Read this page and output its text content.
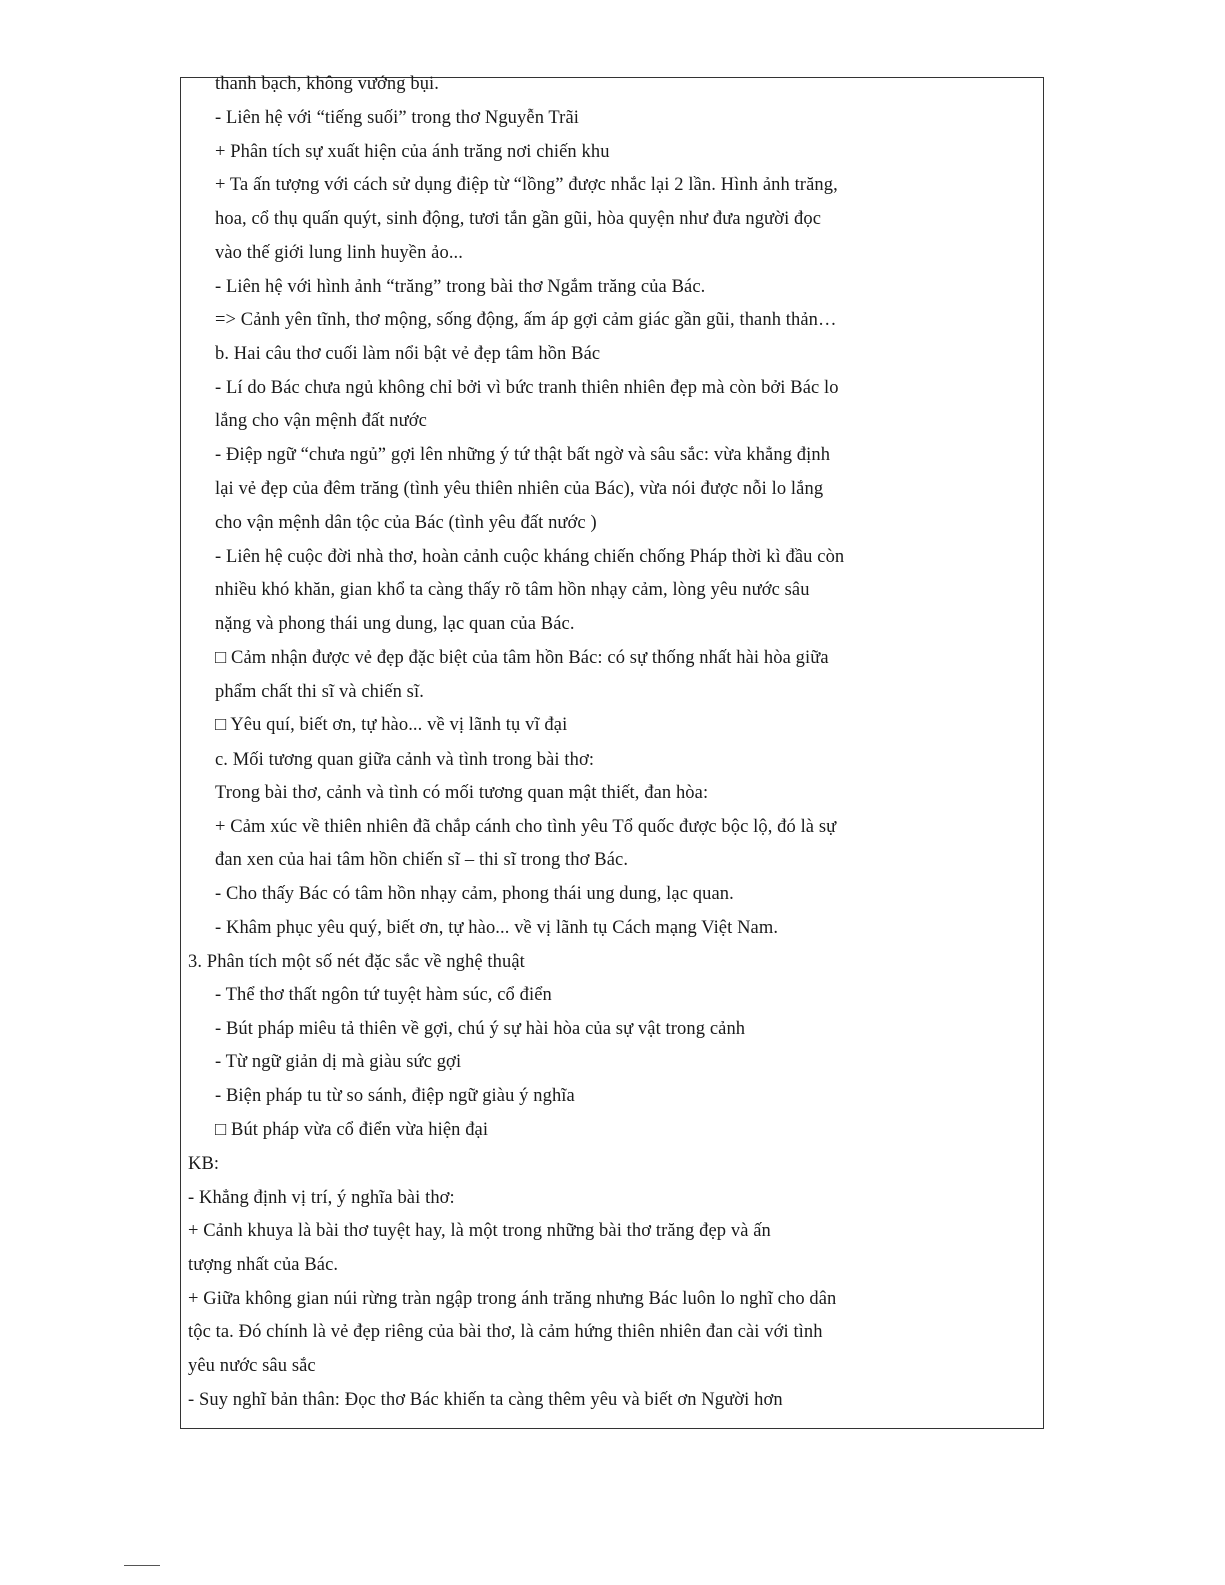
thanh bạch, không vướng bụi.
- Liên hệ với “tiếng suối” trong thơ Nguyễn Trãi
+ Phân tích sự xuất hiện của ánh trăng nơi chiến khu
+ Ta ấn tượng với cách sử dụng điệp từ “lồng” được nhắc lại 2 lần. Hình ảnh trăng,
hoa, cổ thụ quấn quýt, sinh động, tươi tắn gần gũi, hòa quyện như đưa người đọc
vào thế giới lung linh huyền ảo...
- Liên hệ với hình ảnh “trăng” trong bài thơ Ngắm trăng của Bác.
=> Cảnh yên tĩnh, thơ mộng, sống động, ấm áp gợi cảm giác gần gũi, thanh thản…
b. Hai câu thơ cuối làm nổi bật vẻ đẹp tâm hồn Bác
- Lí do Bác chưa ngủ không chỉ bởi vì bức tranh thiên nhiên đẹp mà còn bởi Bác lo
lắng cho vận mệnh đất nước
- Điệp ngữ “chưa ngủ” gợi lên những ý tứ thật bất ngờ và sâu sắc: vừa khẳng định
lại vẻ đẹp của đêm trăng (tình yêu thiên nhiên của Bác), vừa nói được nỗi lo lắng
cho vận mệnh dân tộc của Bác (tình yêu đất nước )
- Liên hệ cuộc đời nhà thơ, hoàn cảnh cuộc kháng chiến chống Pháp thời kì đầu còn
nhiều khó khăn, gian khổ ta càng thấy rõ tâm hồn nhạy cảm, lòng yêu nước sâu
nặng và phong thái ung dung, lạc quan của Bác.
□ Cảm nhận được vẻ đẹp đặc biệt của tâm hồn Bác: có sự thống nhất hài hòa giữa
phẩm chất thi sĩ và chiến sĩ.
□ Yêu quí, biết ơn, tự hào... về vị lãnh tụ vĩ đại
c. Mối tương quan giữa cảnh và tình trong bài thơ:
Trong bài thơ, cảnh và tình có mối tương quan mật thiết, đan hòa:
+ Cảm xúc về thiên nhiên đã chắp cánh cho tình yêu Tổ quốc được bộc lộ, đó là sự
đan xen của hai tâm hồn chiến sĩ – thi sĩ trong thơ Bác.
- Cho thấy Bác có tâm hồn nhạy cảm, phong thái ung dung, lạc quan.
- Khâm phục yêu quý, biết ơn, tự hào... về vị lãnh tụ Cách mạng Việt Nam.
3. Phân tích một số nét đặc sắc về nghệ thuật
- Thể thơ thất ngôn tứ tuyệt hàm súc, cổ điển
- Bút pháp miêu tả thiên về gợi, chú ý sự hài hòa của sự vật trong cảnh
- Từ ngữ giản dị mà giàu sức gợi
- Biện pháp tu từ so sánh, điệp ngữ giàu ý nghĩa
□ Bút pháp vừa cổ điển vừa hiện đại
KB:
- Khẳng định vị trí, ý nghĩa bài thơ:
+ Cảnh khuya là bài thơ tuyệt hay, là một trong những bài thơ trăng đẹp và ấn
tượng nhất của Bác.
+ Giữa không gian núi rừng tràn ngập trong ánh trăng nhưng Bác luôn lo nghĩ cho dân
tộc ta. Đó chính là vẻ đẹp riêng của bài thơ, là cảm hứng thiên nhiên đan cài với tình
yêu nước sâu sắc
- Suy nghĩ bản thân: Đọc thơ Bác khiến ta càng thêm yêu và biết ơn Người hơn
